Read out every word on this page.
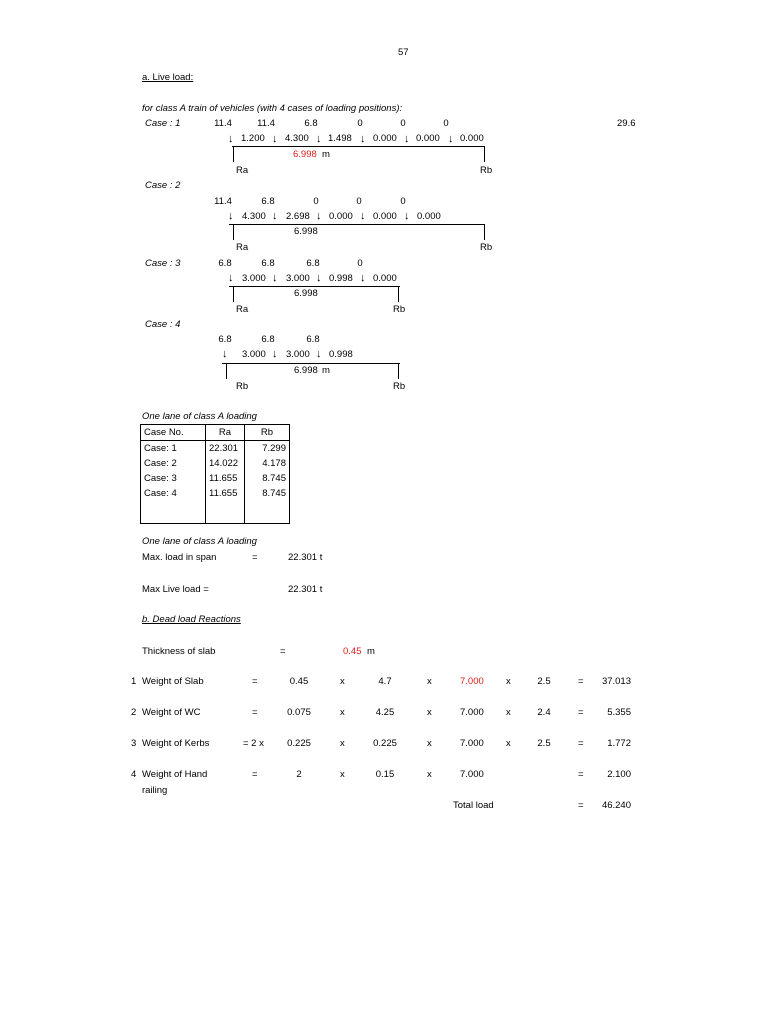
57
a. Live load:
for class A train of vehicles (with 4 cases of loading positions):
Case : 1	11.4	11.4	6.8	0	0	0	29.6
↓	↓	↓	↓	↓	↓
1.200 4.300 1.498 0.000 0.000 0.000
6.998 m
Ra	Rb
Case : 2
11.4	6.8	0	0	0
↓	↓	↓	↓	↓
4.300 2.698 0.000 0.000 0.000
6.998
Ra	Rb
Case : 3	6.8	6.8	6.8	0
↓	↓	↓	↓
3.000 3.000 0.998 0.000
6.998
Ra	Rb
Case : 4
6.8	6.8	6.8
↓	↓	↓
3.000 3.000 0.998
6.998 m
Rb	Rb
One lane of class A loading
Case No.	Ra	Rb
Case: 1	22.301	7.299
Case: 2	14.022	4.178
Case: 3	11.655	8.745
Case: 4	11.655	8.745

One lane of class A loading
Max. load in span	=	22.301 t
Max Live load =	22.301 t
b. Dead load Reactions
Thickness of slab	=	0.45 m
1 Weight of Slab	=	0.45	x	4.7	x	7.000 x	2.5	=	37.013
2 Weight of WC	=	0.075	x	4.25	x	7.000 x	2.4	=	5.355
3 Weight of Kerbs	= 2 x	0.225	x	0.225	x	7.000 x	2.5	=	1.772
4 Weight of Hand
railing
=	2	x	0.15	x	7.000	=	2.100
Total load	=	46.240
